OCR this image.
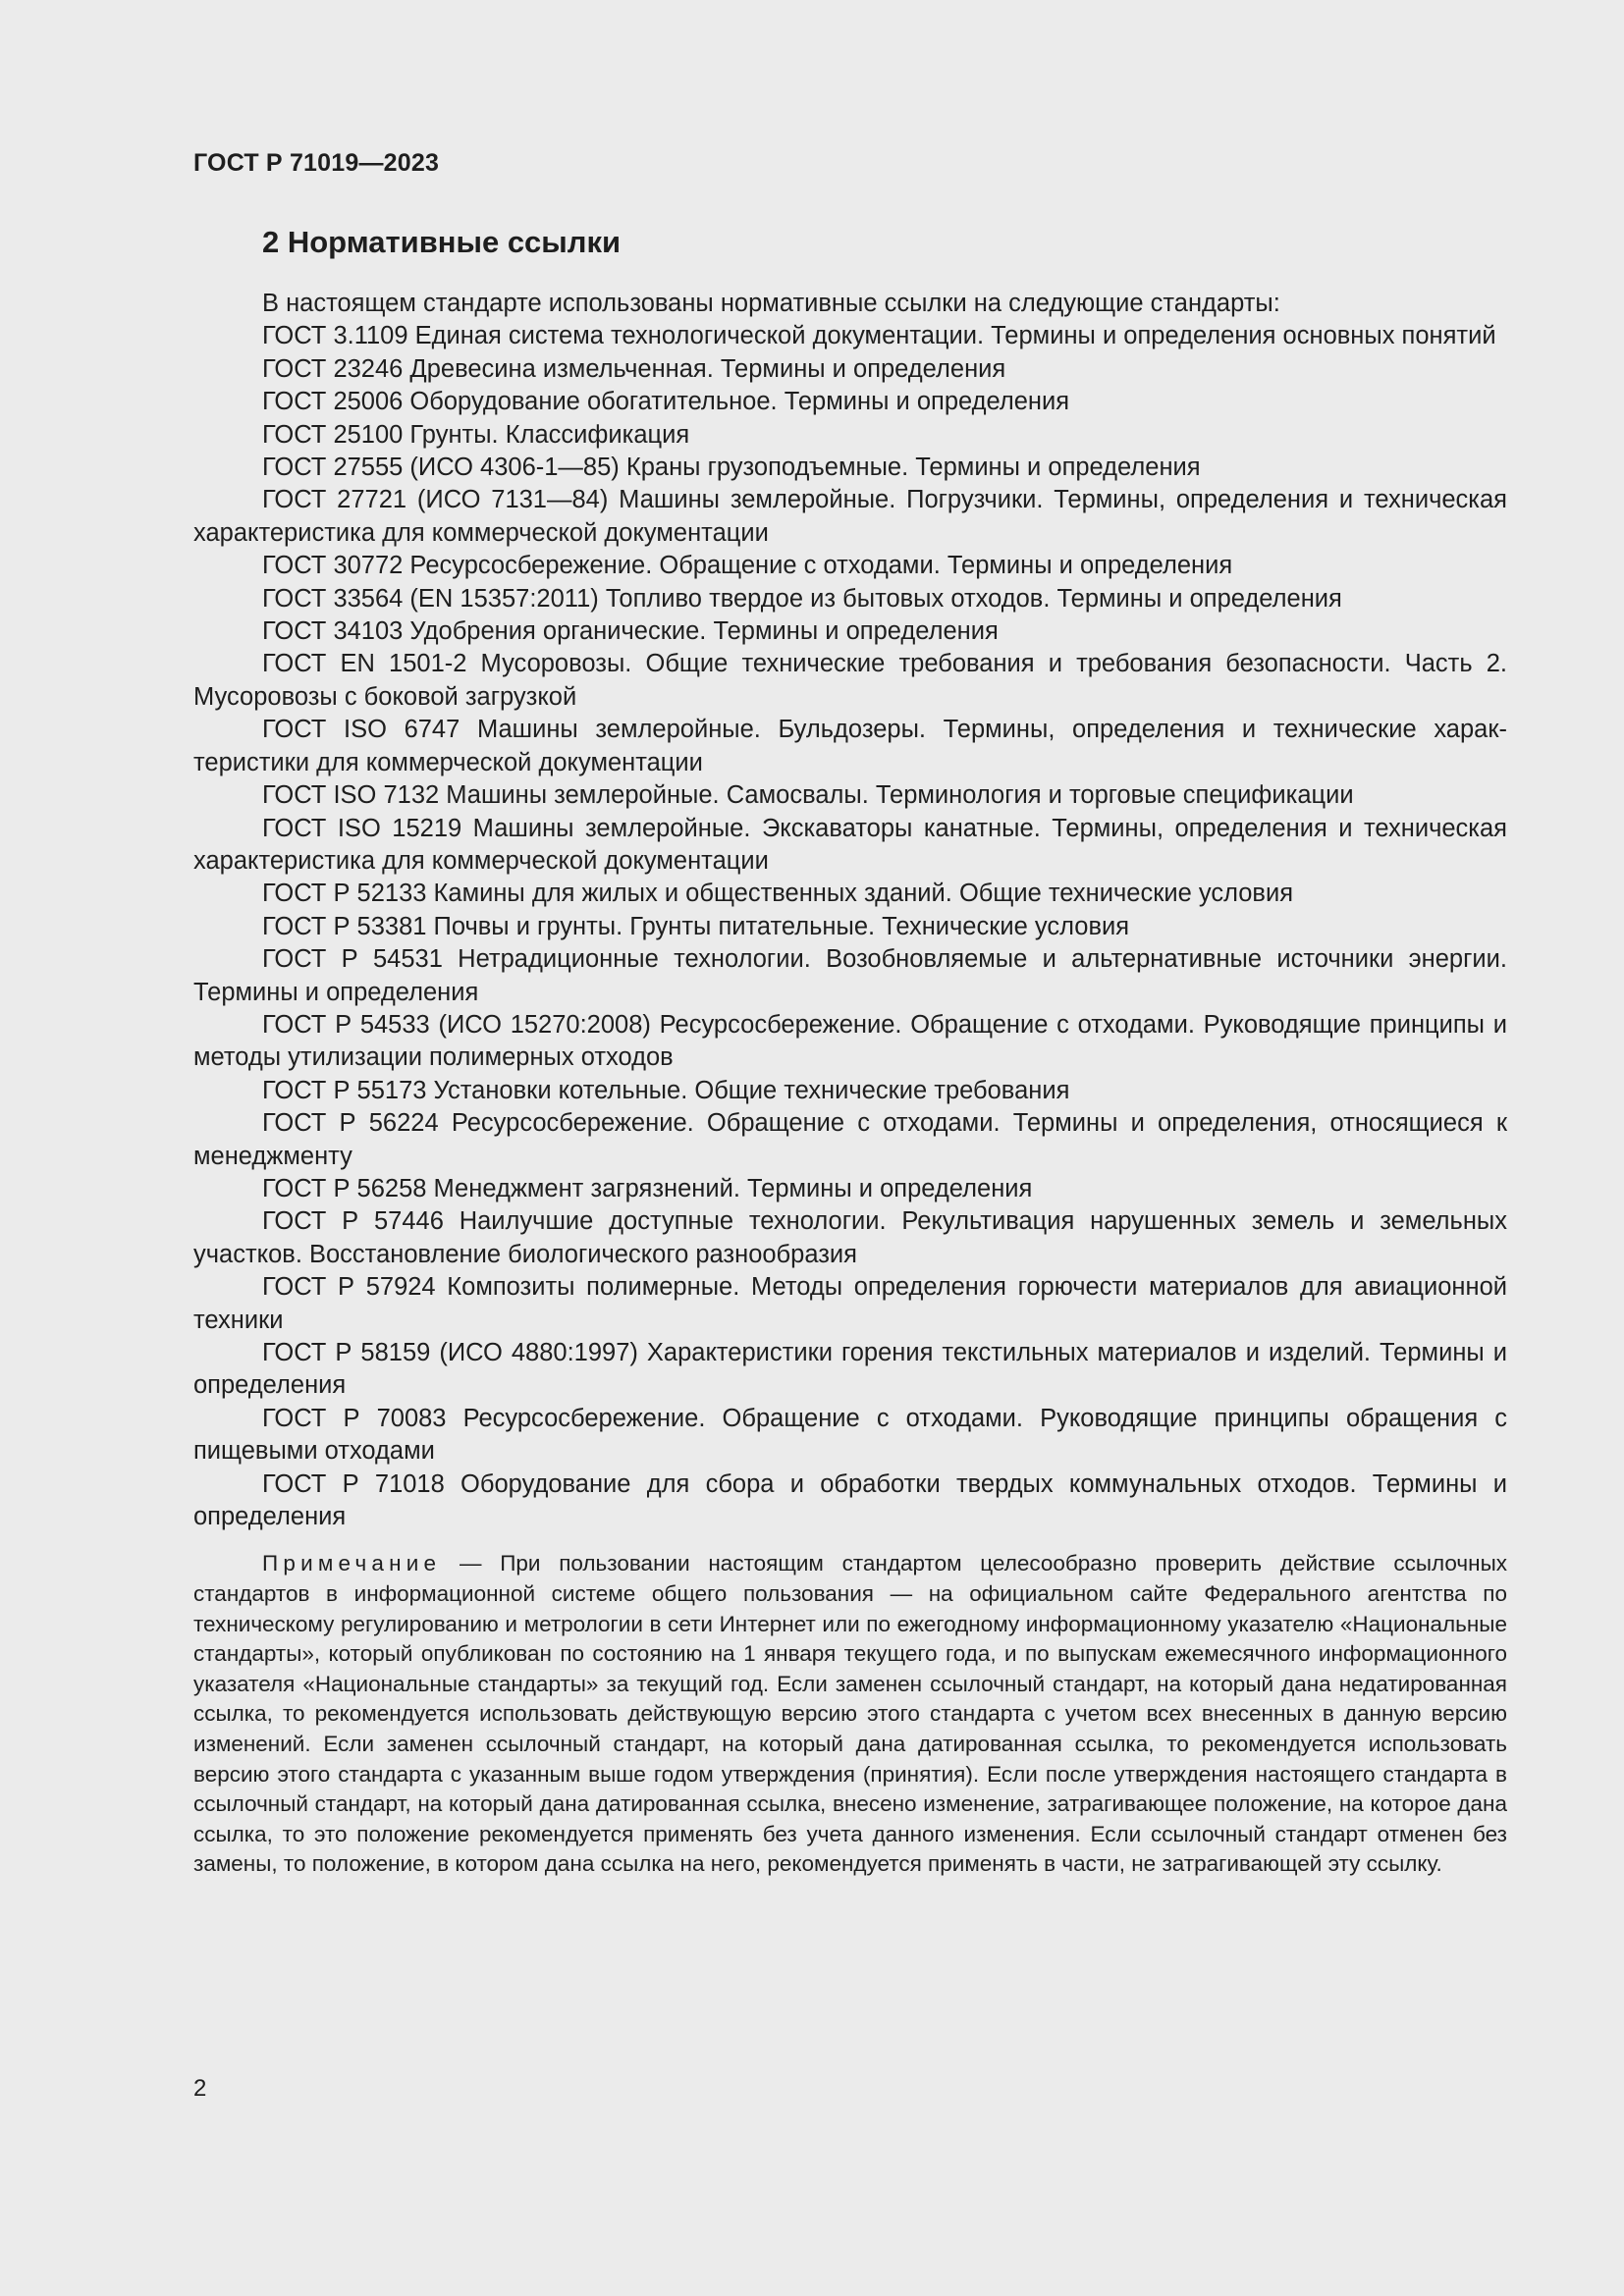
ГОСТ Р 71019—2023

2 Нормативные ссылки

В настоящем стандарте использованы нормативные ссылки на следующие стандарты:

ГОСТ 3.1109 Единая система технологической документации. Термины и определения основных понятий

ГОСТ 23246 Древесина измельченная. Термины и определения

ГОСТ 25006 Оборудование обогатительное. Термины и определения

ГОСТ 25100 Грунты. Классификация

ГОСТ 27555 (ИСО 4306-1—85) Краны грузоподъемные. Термины и определения

ГОСТ 27721 (ИСО 7131—84) Машины землеройные. Погрузчики. Термины, определения и техническая характеристика для коммерческой документации

ГОСТ 30772 Ресурсосбережение. Обращение с отходами. Термины и определения

ГОСТ 33564 (EN 15357:2011) Топливо твердое из бытовых отходов. Термины и определения

ГОСТ 34103 Удобрения органические. Термины и определения

ГОСТ EN 1501-2 Мусоровозы. Общие технические требования и требования безопасности. Часть 2. Мусоровозы с боковой загрузкой

ГОСТ ISO 6747 Машины землеройные. Бульдозеры. Термины, определения и технические характеристики для коммерческой документации

ГОСТ ISO 7132 Машины землеройные. Самосвалы. Терминология и торговые спецификации

ГОСТ ISO 15219 Машины землеройные. Экскаваторы канатные. Термины, определения и техническая характеристика для коммерческой документации

ГОСТ Р 52133 Камины для жилых и общественных зданий. Общие технические условия

ГОСТ Р 53381 Почвы и грунты. Грунты питательные. Технические условия

ГОСТ Р 54531 Нетрадиционные технологии. Возобновляемые и альтернативные источники энергии. Термины и определения

ГОСТ Р 54533 (ИСО 15270:2008) Ресурсосбережение. Обращение с отходами. Руководящие принципы и методы утилизации полимерных отходов

ГОСТ Р 55173 Установки котельные. Общие технические требования

ГОСТ Р 56224 Ресурсосбережение. Обращение с отходами. Термины и определения, относящиеся к менеджменту

ГОСТ Р 56258 Менеджмент загрязнений. Термины и определения

ГОСТ Р 57446 Наилучшие доступные технологии. Рекультивация нарушенных земель и земельных участков. Восстановление биологического разнообразия

ГОСТ Р 57924 Композиты полимерные. Методы определения горючести материалов для авиационной техники

ГОСТ Р 58159 (ИСО 4880:1997) Характеристики горения текстильных материалов и изделий. Термины и определения

ГОСТ Р 70083 Ресурсосбережение. Обращение с отходами. Руководящие принципы обращения с пищевыми отходами

ГОСТ Р 71018 Оборудование для сбора и обработки твердых коммунальных отходов. Термины и определения

Примечание — При пользовании настоящим стандартом целесообразно проверить действие ссылочных стандартов в информационной системе общего пользования — на официальном сайте Федерального агентства по техническому регулированию и метрологии в сети Интернет или по ежегодному информационному указателю «Национальные стандарты», который опубликован по состоянию на 1 января текущего года, и по выпускам ежемесячного информационного указателя «Национальные стандарты» за текущий год. Если заменен ссылочный стандарт, на который дана недатированная ссылка, то рекомендуется использовать действующую версию этого стандарта с учетом всех внесенных в данную версию изменений. Если заменен ссылочный стандарт, на который дана датированная ссылка, то рекомендуется использовать версию этого стандарта с указанным выше годом утверждения (принятия). Если после утверждения настоящего стандарта в ссылочный стандарт, на который дана датированная ссылка, внесено изменение, затрагивающее положение, на которое дана ссылка, то это положение рекомендуется применять без учета данного изменения. Если ссылочный стандарт отменен без замены, то положение, в котором дана ссылка на него, рекомендуется применять в части, не затрагивающей эту ссылку.

2
